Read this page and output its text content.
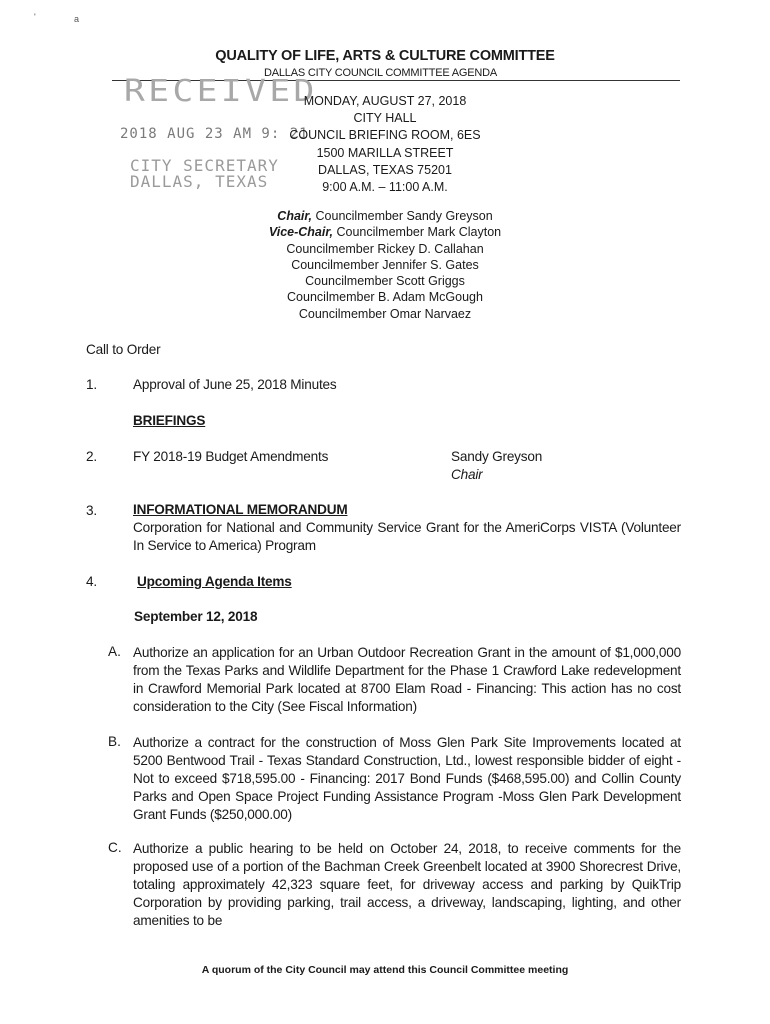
'	a
QUALITY OF LIFE, ARTS & CULTURE COMMITTEE
DALLAS CITY COUNCIL COMMITTEE AGENDA
RECEIVED
2018 AUG 23 AM 9: 21
CITY SECRETARY
DALLAS, TEXAS
MONDAY, AUGUST 27, 2018
CITY HALL
COUNCIL BRIEFING ROOM, 6ES
1500 MARILLA STREET
DALLAS, TEXAS 75201
9:00 A.M. – 11:00 A.M.
Chair, Councilmember Sandy Greyson
Vice-Chair, Councilmember Mark Clayton
Councilmember Rickey D. Callahan
Councilmember Jennifer S. Gates
Councilmember Scott Griggs
Councilmember B. Adam McGough
Councilmember Omar Narvaez
Call to Order
1.	Approval of June 25, 2018 Minutes
BRIEFINGS
2.	FY 2018-19 Budget Amendments	Sandy Greyson
Chair
3.	INFORMATIONAL MEMORANDUM
Corporation for National and Community Service Grant for the AmeriCorps VISTA (Volunteer In Service to America) Program
4.	Upcoming Agenda Items
September 12, 2018
A. Authorize an application for an Urban Outdoor Recreation Grant in the amount of $1,000,000 from the Texas Parks and Wildlife Department for the Phase 1 Crawford Lake redevelopment in Crawford Memorial Park located at 8700 Elam Road - Financing: This action has no cost consideration to the City (See Fiscal Information)
B. Authorize a contract for the construction of Moss Glen Park Site Improvements located at 5200 Bentwood Trail - Texas Standard Construction, Ltd., lowest responsible bidder of eight - Not to exceed $718,595.00 - Financing: 2017 Bond Funds ($468,595.00) and Collin County Parks and Open Space Project Funding Assistance Program -Moss Glen Park Development Grant Funds ($250,000.00)
C. Authorize a public hearing to be held on October 24, 2018, to receive comments for the proposed use of a portion of the Bachman Creek Greenbelt located at 3900 Shorecrest Drive, totaling approximately 42,323 square feet, for driveway access and parking by QuikTrip Corporation by providing parking, trail access, a driveway, landscaping, lighting, and other amenities to be
A quorum of the City Council may attend this Council Committee meeting
